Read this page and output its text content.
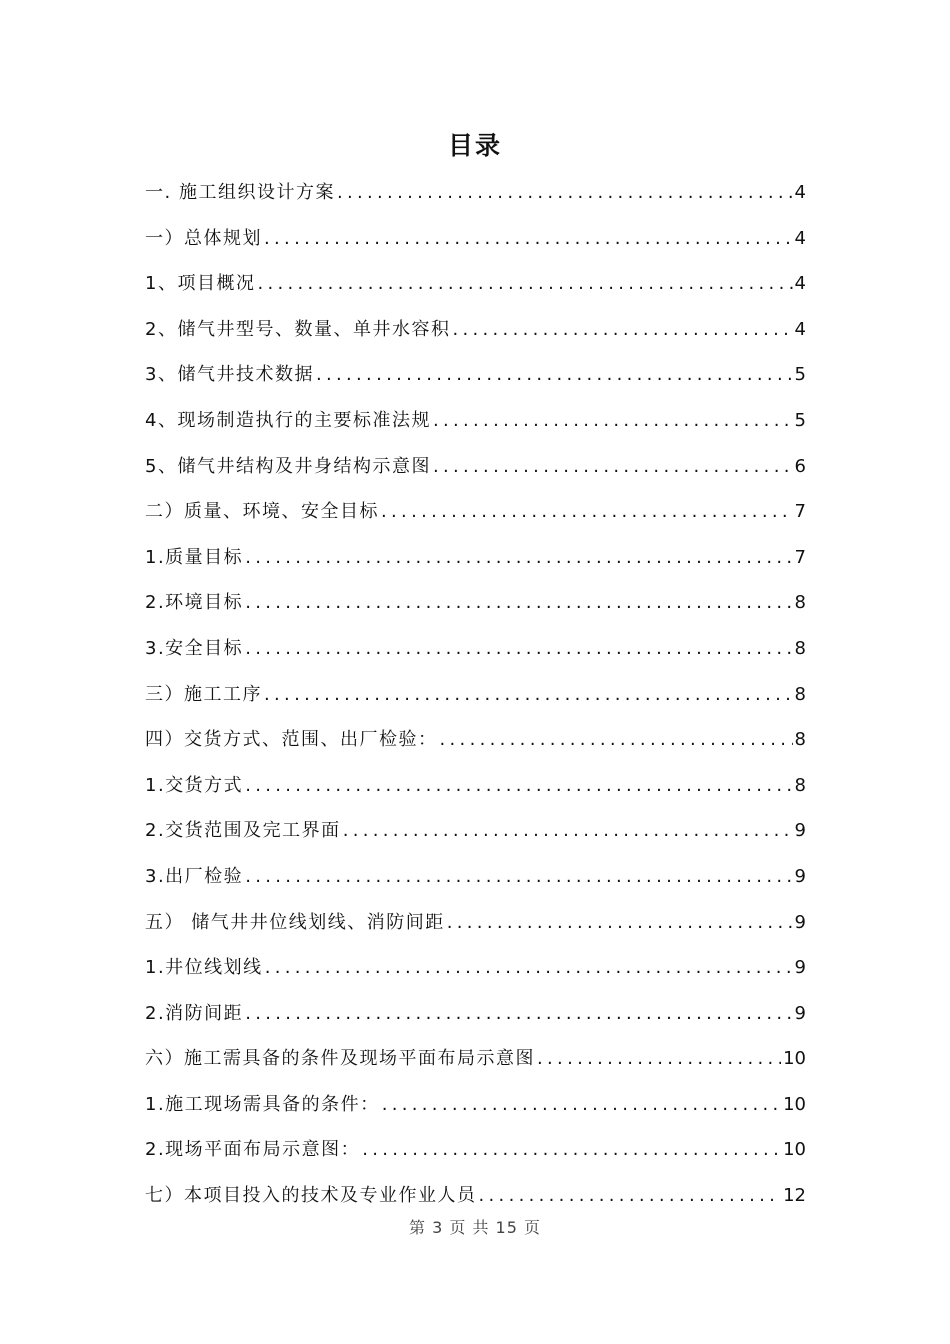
目录
一. 施工组织设计方案 .....	4
一）总体规划 .....	4
1、项目概况 .....	4
2、储气井型号、数量、单井水容积 .....	4
3、储气井技术数据 .....	5
4、现场制造执行的主要标准法规 .....	5
5、储气井结构及井身结构示意图 .....	6
二）质量、环境、安全目标 .....	7
1.质量目标 .....	7
2.环境目标 .....	8
3.安全目标 .....	8
三）施工工序 .....	8
四）交货方式、范围、出厂检验： .....	8
1.交货方式 .....	8
2.交货范围及完工界面 .....	9
3.出厂检验 .....	9
五） 储气井井位线划线、消防间距 .....	9
1.井位线划线 .....	9
2.消防间距 .....	9
六）施工需具备的条件及现场平面布局示意图 .....	10
1.施工现场需具备的条件： .....	10
2.现场平面布局示意图： .....	10
七）本项目投入的技术及专业作业人员 .....	12
第 3 页 共 15 页
